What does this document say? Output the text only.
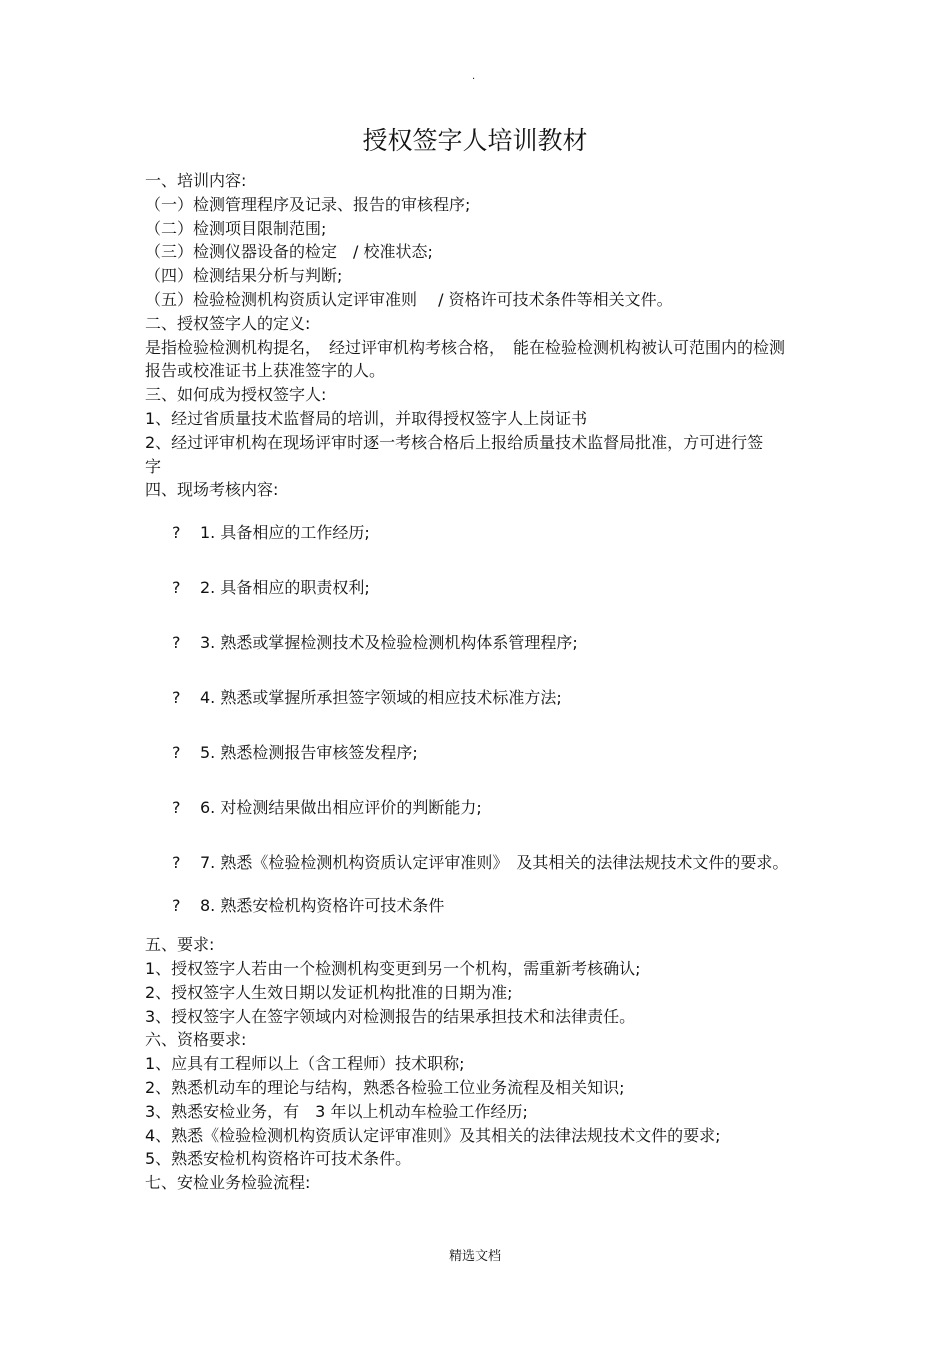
.
授权签字人培训教材

一、培训内容:

（一）检测管理程序及记录、报告的审核程序;

（二）检测项目限制范围;

（三）检测仪器设备的检定　/ 校准状态;

（四）检测结果分析与判断;

（五）检验检测机构资质认定评审准则　 / 资格许可技术条件等相关文件。

二、授权签字人的定义:

是指检验检测机构提名，　经过评审机构考核合格，　能在检验检测机构被认可范围内的检测报告或校准证书上获准签字的人。

三、如何成为授权签字人:

1、经过省质量技术监督局的培训，并取得授权签字人上岗证书

2、经过评审机构在现场评审时逐一考核合格后上报给质量技术监督局批准，方可进行签字

四、现场考核内容:

?	1. 具备相应的工作经历;
?	2. 具备相应的职责权利;
?	3. 熟悉或掌握检测技术及检验检测机构体系管理程序;
?	4. 熟悉或掌握所承担签字领域的相应技术标准方法;
?	5. 熟悉检测报告审核签发程序;
?	6. 对检测结果做出相应评价的判断能力;
?	7. 熟悉《检验检测机构资质认定评审准则》　及其相关的法律法规技术文件的要求。
?	8. 熟悉安检机构资格许可技术条件

五、要求:

1、授权签字人若由一个检测机构变更到另一个机构，需重新考核确认;

2、授权签字人生效日期以发证机构批准的日期为准;

3、授权签字人在签字领域内对检测报告的结果承担技术和法律责任。

六、资格要求:

1、应具有工程师以上（含工程师）技术职称;

2、熟悉机动车的理论与结构，熟悉各检验工位业务流程及相关知识;

3、熟悉安检业务，有　3 年以上机动车检验工作经历;

4、熟悉《检验检测机构资质认定评审准则》及其相关的法律法规技术文件的要求;

5、熟悉安检机构资格许可技术条件。

七、安检业务检验流程:

精选文档
